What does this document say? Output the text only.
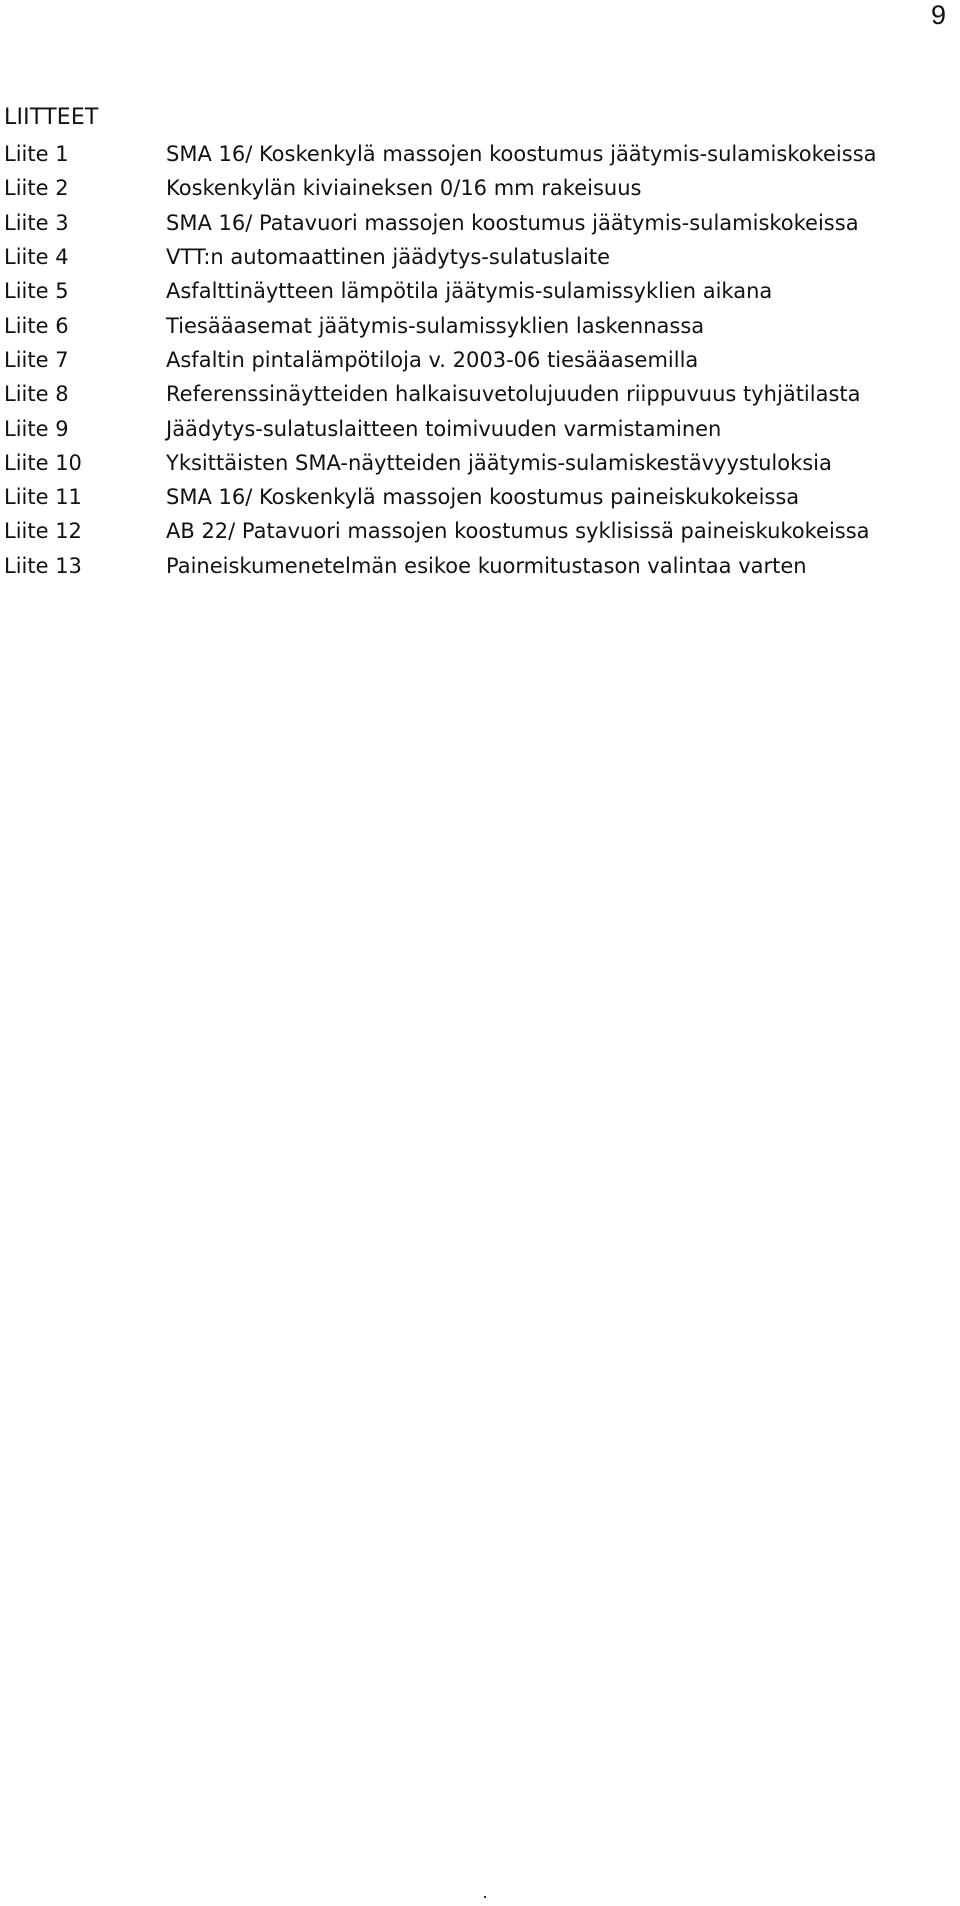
9
LIITTEET
Liite 1	SMA 16/ Koskenkylä massojen koostumus jäätymis-sulamiskokeissa
Liite 2	Koskenkylän kiviaineksen 0/16 mm rakeisuus
Liite 3	SMA 16/ Patavuori massojen koostumus jäätymis-sulamiskokeissa
Liite 4	VTT:n automaattinen jäädytys-sulatuslaite
Liite 5	Asfalttinäytteen lämpötila jäätymis-sulamissyklien aikana
Liite 6	Tiesääasemat jäätymis-sulamissyklien laskennassa
Liite 7	Asfaltin pintalämpötiloja v. 2003-06 tiesääasemilla
Liite 8	Referenssinäytteiden halkaisuvetolujuuden riippuvuus tyhjätilasta
Liite 9	Jäädytys-sulatuslaitteen toimivuuden varmistaminen
Liite 10	Yksittäisten SMA-näytteiden jäätymis-sulamiskestävyystuloksia
Liite 11	SMA 16/ Koskenkylä massojen koostumus paineiskukokeissa
Liite 12	AB 22/ Patavuori massojen koostumus syklisissä paineiskukokeissa
Liite 13	Paineiskumenetelmän esikoe kuormitustason valintaa varten
